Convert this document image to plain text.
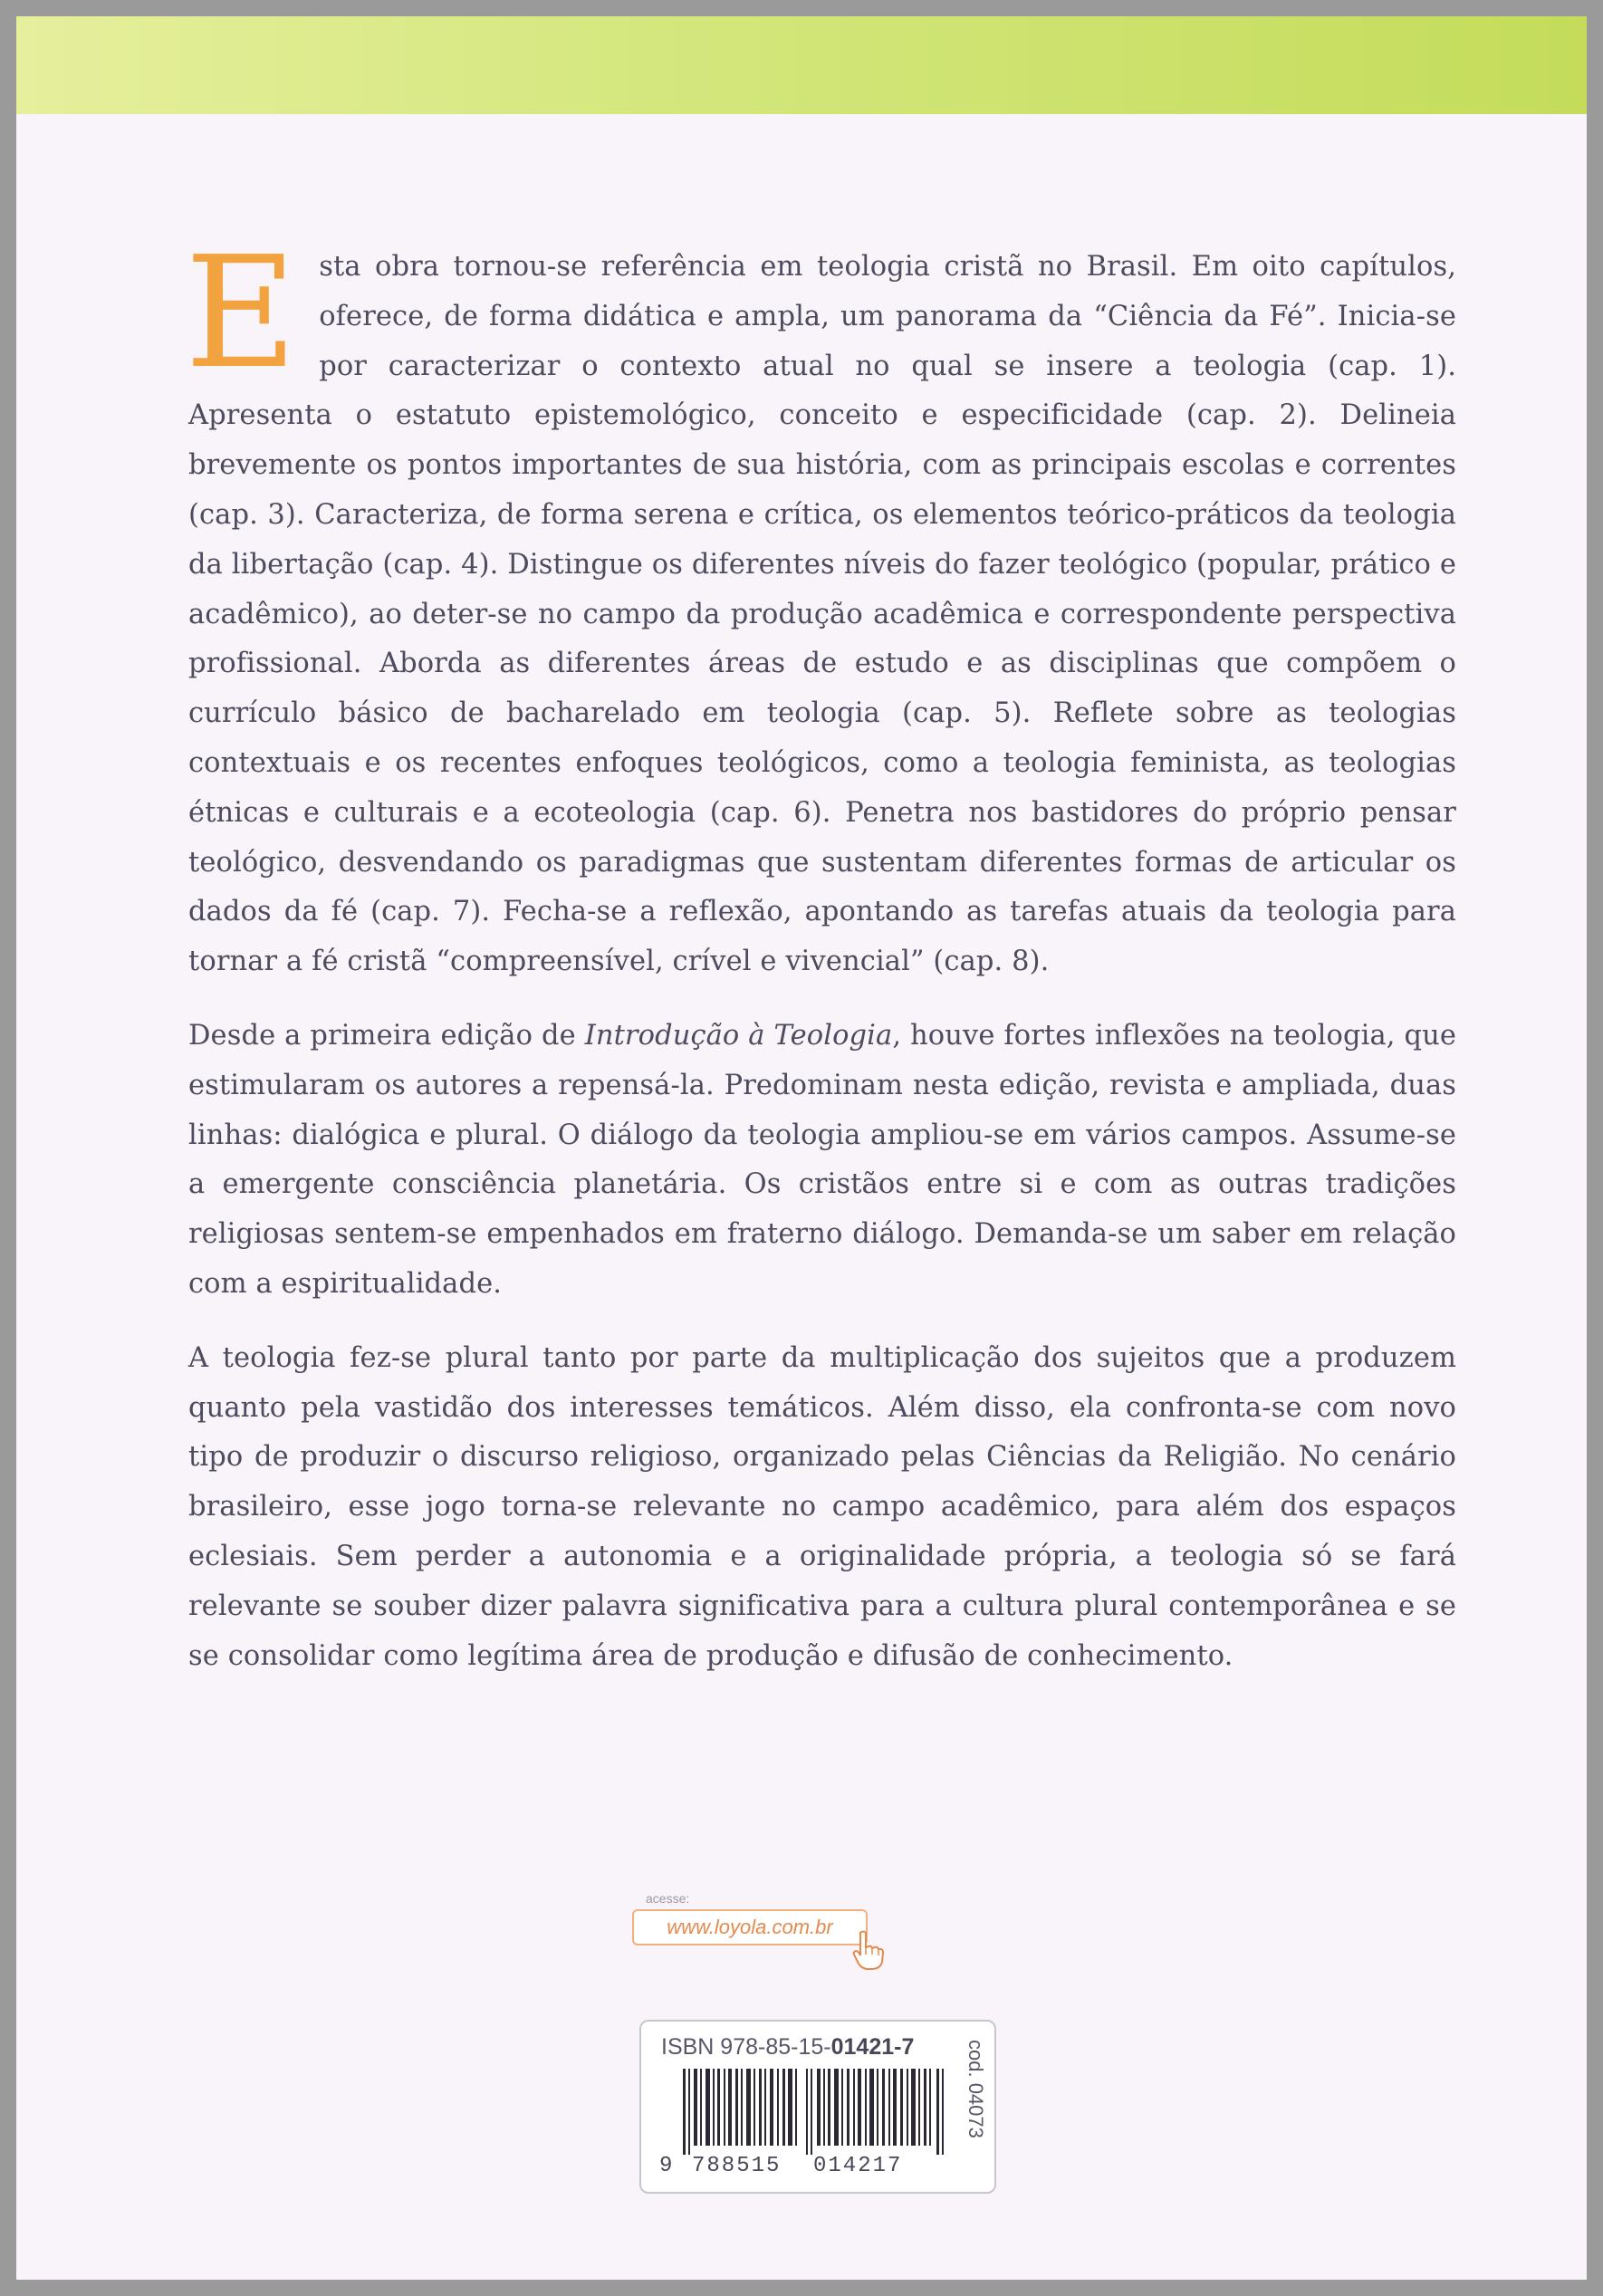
Esta obra tornou-se referência em teologia cristã no Brasil. Em oito capítulos, oferece, de forma didática e ampla, um panorama da “Ciência da Fé”. Inicia-se por caracterizar o contexto atual no qual se insere a teologia (cap. 1). Apresenta o estatuto epistemológico, conceito e especificidade (cap. 2). Delineia brevemente os pontos importantes de sua história, com as principais escolas e correntes (cap. 3). Caracteriza, de forma serena e crítica, os elementos teórico-práticos da teologia da libertação (cap. 4). Distingue os diferentes níveis do fazer teológico (popular, prático e acadêmico), ao deter-se no campo da produção acadêmica e correspondente perspectiva profissional. Aborda as diferentes áreas de estudo e as disciplinas que compõem o currículo básico de bacharelado em teologia (cap. 5). Reflete sobre as teologias contextuais e os recentes enfoques teológicos, como a teologia feminista, as teologias étnicas e culturais e a ecoteologia (cap. 6). Penetra nos bastidores do próprio pensar teológico, desvendando os paradigmas que sustentam diferentes formas de articular os dados da fé (cap. 7). Fecha-se a reflexão, apontando as tarefas atuais da teologia para tornar a fé cristã “compreensível, crível e vivencial” (cap. 8).

Desde a primeira edição de Introdução à Teologia, houve fortes inflexões na teologia, que estimularam os autores a repensá-la. Predominam nesta edição, revista e ampliada, duas linhas: dialógica e plural. O diálogo da teologia ampliou-se em vários campos. Assume-se a emergente consciência planetária. Os cristãos entre si e com as outras tradições religiosas sentem-se empenhados em fraterno diálogo. Demanda-se um saber em relação com a espiritualidade.

A teologia fez-se plural tanto por parte da multiplicação dos sujeitos que a produzem quanto pela vastidão dos interesses temáticos. Além disso, ela confronta-se com novo tipo de produzir o discurso religioso, organizado pelas Ciências da Religião. No cenário brasileiro, esse jogo torna-se relevante no campo acadêmico, para além dos espaços eclesiais. Sem perder a autonomia e a originalidade própria, a teologia só se fará relevante se souber dizer palavra significativa para a cultura plural contemporânea e se se consolidar como legítima área de produção e difusão de conhecimento.

acesse:
www.loyola.com.br
ISBN 978-85-15-01421-7	cod. 04073
9 788515 014217
